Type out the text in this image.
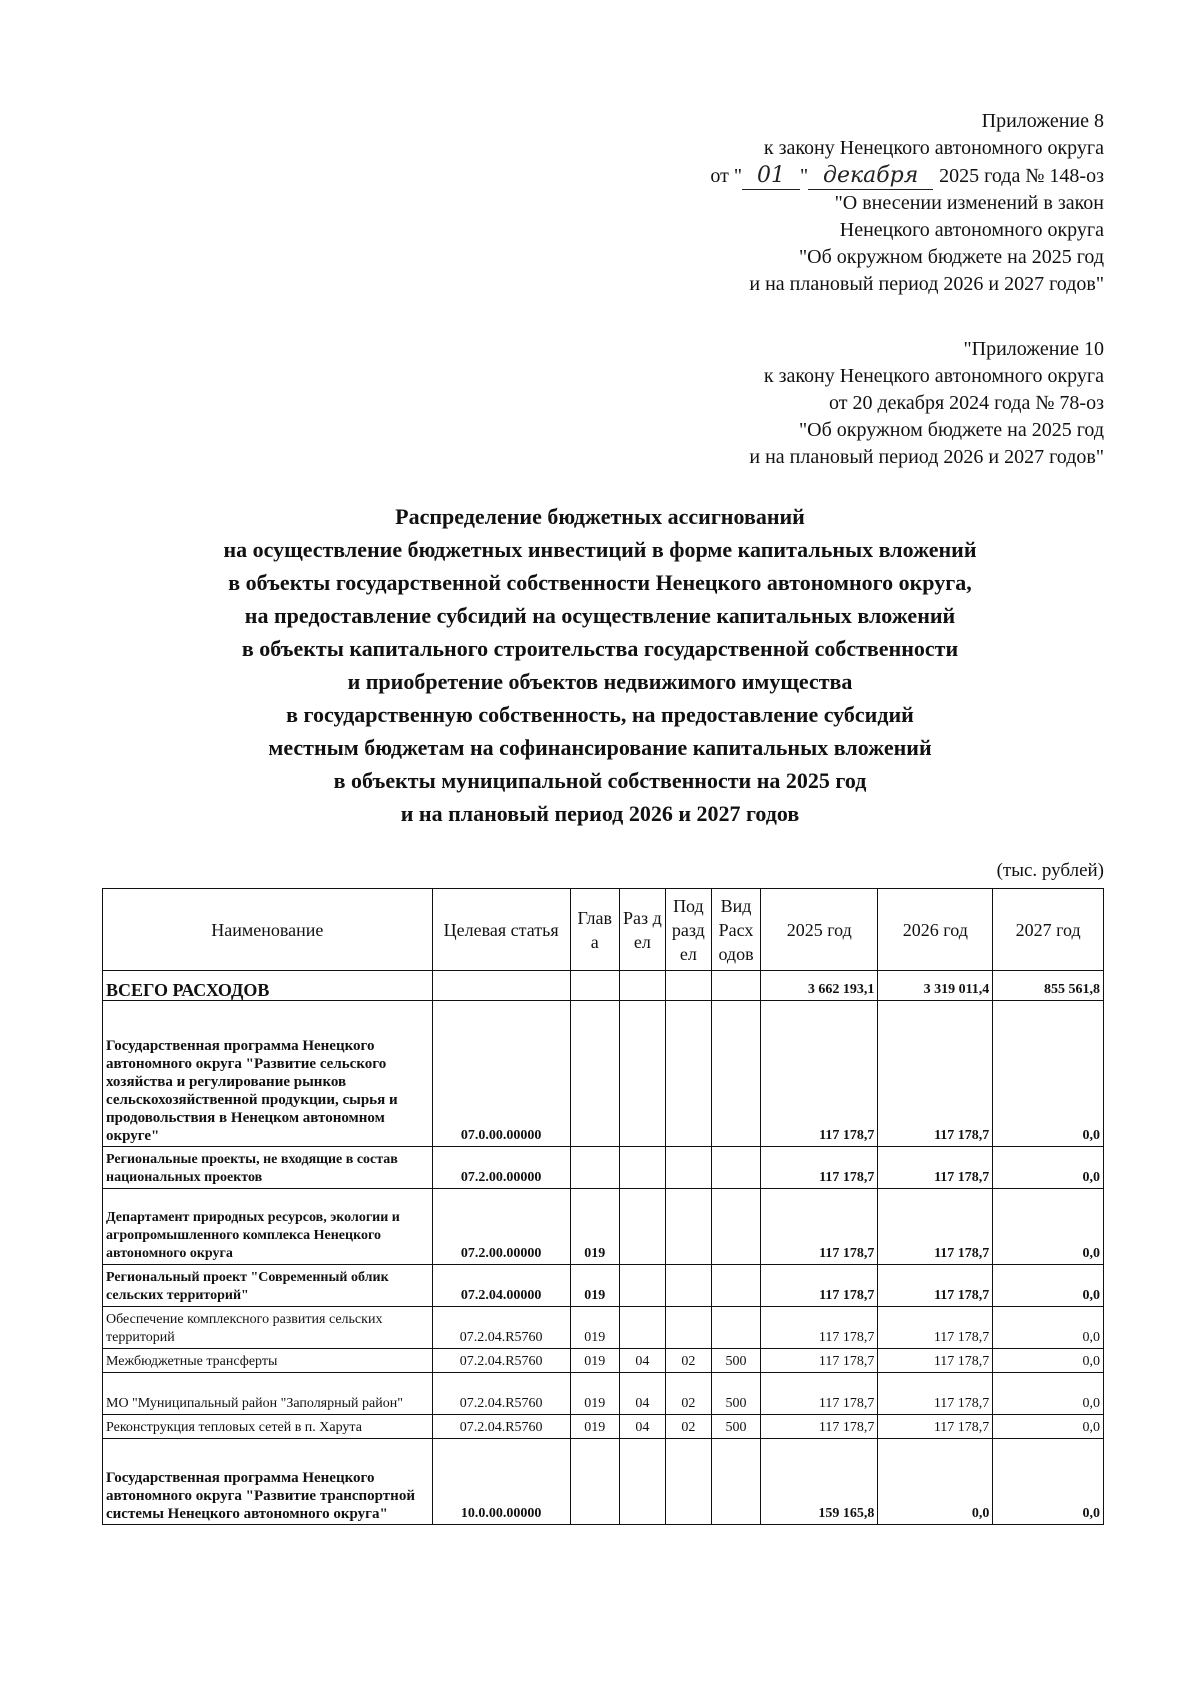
Приложение 8
к закону Ненецкого автономного округа
от " 01 " декабря 2025 года № 148-оз
"О внесении изменений в закон
Ненецкого автономного округа
"Об окружном бюджете на 2025 год
и на плановый период 2026 и 2027 годов"
"Приложение 10
к закону Ненецкого автономного округа
от 20 декабря 2024 года № 78-оз
"Об окружном бюджете на 2025 год
и на плановый период 2026 и 2027 годов"
Распределение бюджетных ассигнований
на осуществление бюджетных инвестиций в форме капитальных вложений
в объекты государственной собственности Ненецкого автономного округа,
на предоставление субсидий на осуществление капитальных вложений
в объекты капитального строительства государственной собственности
и приобретение объектов недвижимого имущества
в государственную собственность, на предоставление субсидий
местным бюджетам на софинансирование капитальных вложений
в объекты муниципальной собственности на 2025 год
и на плановый период 2026 и 2027 годов
(тыс. рублей)
Наименование	Целевая статья	Глав а	Раз дел	Под разд ел	Вид Расх одов	2025 год	2026 год	2027 год
ВСЕГО РАСХОДОВ						3 662 193,1	3 319 011,4	855 561,8
Государственная программа Ненецкого автономного округа "Развитие сельского хозяйства и регулирование рынков сельскохозяйственной продукции, сырья и продовольствия в Ненецком автономном округе"	07.0.00.00000					117 178,7	117 178,7	0,0
Региональные проекты, не входящие в состав национальных проектов	07.2.00.00000					117 178,7	117 178,7	0,0
Департамент природных ресурсов, экологии и агропромышленного комплекса Ненецкого автономного округа	07.2.00.00000	019				117 178,7	117 178,7	0,0
Региональный проект "Современный облик сельских территорий"	07.2.04.00000	019				117 178,7	117 178,7	0,0
Обеспечение комплексного развития сельских территорий	07.2.04.R5760	019				117 178,7	117 178,7	0,0
Межбюджетные трансферты	07.2.04.R5760	019	04	02	500	117 178,7	117 178,7	0,0
МО "Муниципальный район "Заполярный район"	07.2.04.R5760	019	04	02	500	117 178,7	117 178,7	0,0
Реконструкция тепловых сетей в п. Харута	07.2.04.R5760	019	04	02	500	117 178,7	117 178,7	0,0
Государственная программа Ненецкого автономного округа "Развитие транспортной системы Ненецкого автономного округа"	10.0.00.00000					159 165,8	0,0	0,0
